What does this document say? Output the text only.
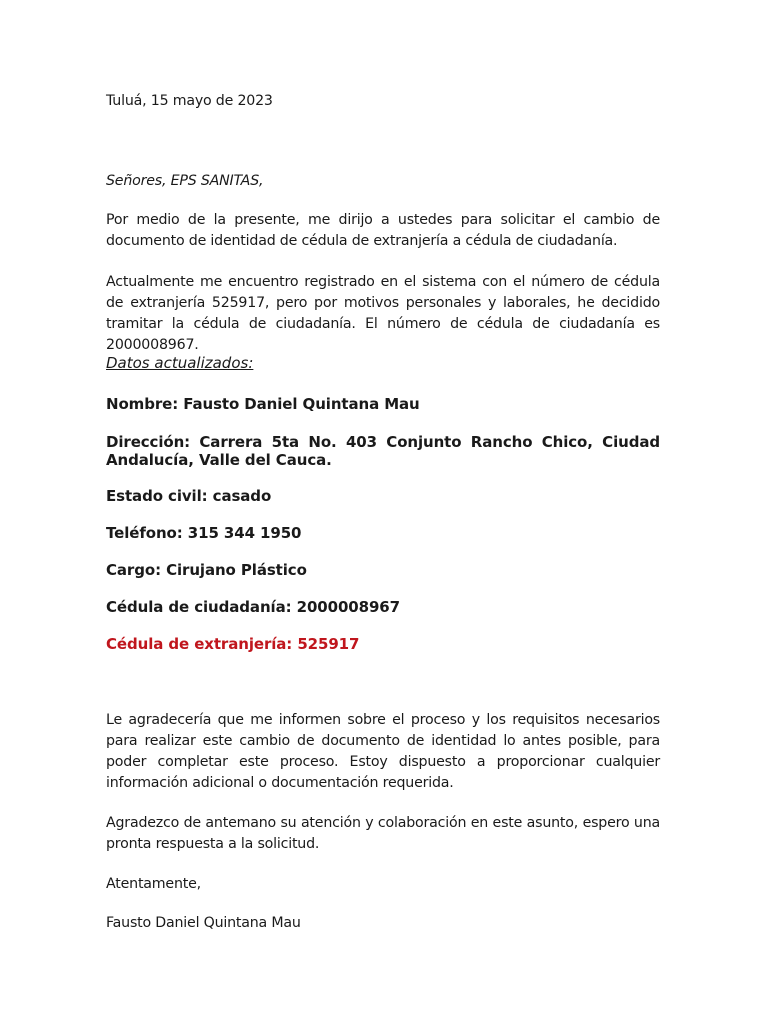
Tuluá, 15 mayo de 2023
Señores, EPS SANITAS,

Por medio de la presente, me dirijo a ustedes para solicitar el cambio de documento de identidad de cédula de extranjería a cédula de ciudadanía.

Actualmente me encuentro registrado en el sistema con el número de cédula de extranjería 525917, pero por motivos personales y laborales, he decidido tramitar la cédula de ciudadanía. El número de cédula de ciudadanía es 2000008967.

Datos actualizados:
Nombre: Fausto Daniel Quintana Mau
Dirección: Carrera 5ta No. 403 Conjunto Rancho Chico, Ciudad Andalucía, Valle del Cauca.
Estado civil: casado
Teléfono: 315 344 1950
Cargo: Cirujano Plástico
Cédula de ciudadanía: 2000008967
Cédula de extranjería: 525917

Le agradecería que me informen sobre el proceso y los requisitos necesarios para realizar este cambio de documento de identidad lo antes posible, para poder completar este proceso. Estoy dispuesto a proporcionar cualquier información adicional o documentación requerida.

Agradezco de antemano su atención y colaboración en este asunto, espero una pronta respuesta a la solicitud.

Atentamente,
Fausto Daniel Quintana Mau
